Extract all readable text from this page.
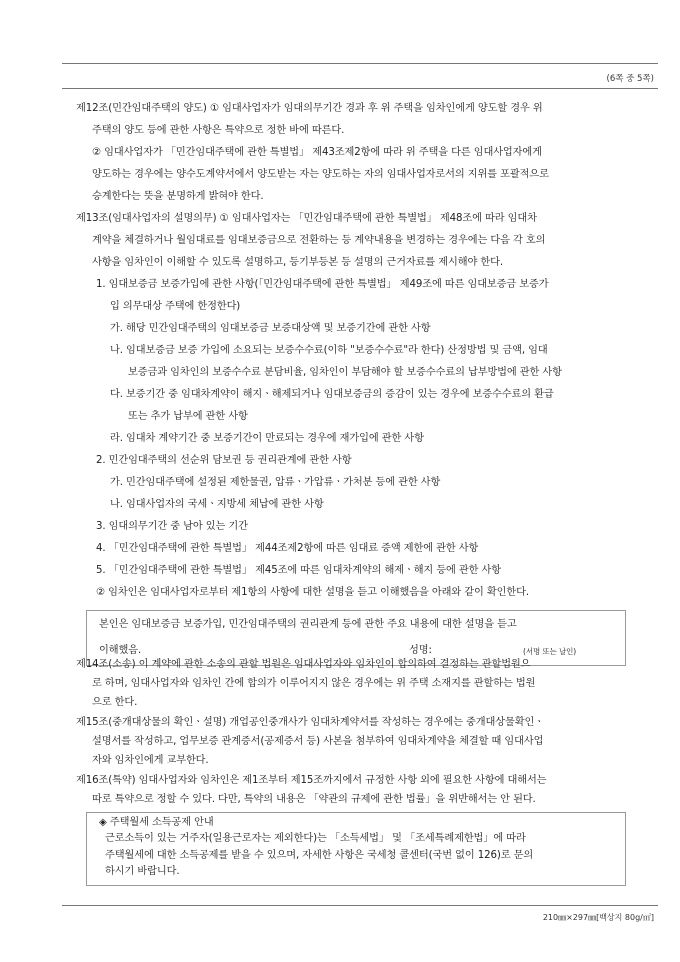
(6쪽 중 5쪽)
제12조(민간임대주택의 양도) ① 임대사업자가 임대의무기간 경과 후 위 주택을 임차인에게 양도할 경우 위
주택의 양도 등에 관한 사항은 특약으로 정한 바에 따른다.
② 임대사업자가 「민간임대주택에 관한 특별법」 제43조제2항에 따라 위 주택을 다른 임대사업자에게
양도하는 경우에는 양수도계약서에서 양도받는 자는 양도하는 자의 임대사업자로서의 지위를 포괄적으로
승계한다는 뜻을 분명하게 밝혀야 한다.
제13조(임대사업자의 설명의무) ① 임대사업자는 「민간임대주택에 관한 특별법」 제48조에 따라 임대차
계약을 체결하거나 월임대료를 임대보증금으로 전환하는 등 계약내용을 변경하는 경우에는 다음 각 호의
사항을 임차인이 이해할 수 있도록 설명하고, 등기부등본 등 설명의 근거자료를 제시해야 한다.
1. 임대보증금 보증가입에 관한 사항(「민간임대주택에 관한 특별법」 제49조에 따른 임대보증금 보증가
입 의무대상 주택에 한정한다)
가. 해당 민간임대주택의 임대보증금 보증대상액 및 보증기간에 관한 사항
나. 임대보증금 보증 가입에 소요되는 보증수수료(이하 "보증수수료"라 한다) 산정방법 및 금액, 임대
보증금과 임차인의 보증수수료 분담비율, 임차인이 부담해야 할 보증수수료의 납부방법에 관한 사항
다. 보증기간 중 임대차계약이 해지ㆍ해제되거나 임대보증금의 증감이 있는 경우에 보증수수료의 환급
또는 추가 납부에 관한 사항
라. 임대차 계약기간 중 보증기간이 만료되는 경우에 재가입에 관한 사항
2. 민간임대주택의 선순위 담보권 등 권리관계에 관한 사항
가. 민간임대주택에 설정된 제한물권, 압류ㆍ가압류ㆍ가처분 등에 관한 사항
나. 임대사업자의 국세ㆍ지방세 체납에 관한 사항
3. 임대의무기간 중 남아 있는 기간
4. 「민간임대주택에 관한 특별법」 제44조제2항에 따른 임대료 증액 제한에 관한 사항
5. 「민간임대주택에 관한 특별법」 제45조에 따른 임대차계약의 해제ㆍ해지 등에 관한 사항
② 임차인은 임대사업자로부터 제1항의 사항에 대한 설명을 듣고 이해했음을 아래와 같이 확인한다.
본인은 임대보증금 보증가입, 민간임대주택의 권리관계 등에 관한 주요 내용에 대한 설명을 듣고
이해했음.	성명:	(서명 또는 날인)
제14조(소송) 이 계약에 관한 소송의 관할 법원은 임대사업자와 임차인이 합의하여 결정하는 관할법원으
로 하며, 임대사업자와 임차인 간에 합의가 이루어지지 않은 경우에는 위 주택 소재지를 관할하는 법원
으로 한다.
제15조(중개대상물의 확인ㆍ설명) 개업공인중개사가 임대차계약서를 작성하는 경우에는 중개대상물확인ㆍ
설명서를 작성하고, 업무보증 관계증서(공제증서 등) 사본을 첨부하여 임대차계약을 체결할 때 임대사업
자와 임차인에게 교부한다.
제16조(특약) 임대사업자와 임차인은 제1조부터 제15조까지에서 규정한 사항 외에 필요한 사항에 대해서는
따로 특약으로 정할 수 있다. 다만, 특약의 내용은 「약관의 규제에 관한 법률」을 위반해서는 안 된다.
◈ 주택월세 소득공제 안내
근로소득이 있는 거주자(일용근로자는 제외한다)는 「소득세법」 및 「조세특례제한법」에 따라
주택월세에 대한 소득공제를 받을 수 있으며, 자세한 사항은 국세청 콜센터(국번 없이 126)로 문의
하시기 바랍니다.
210㎜×297㎜[백상지 80g/㎡]
